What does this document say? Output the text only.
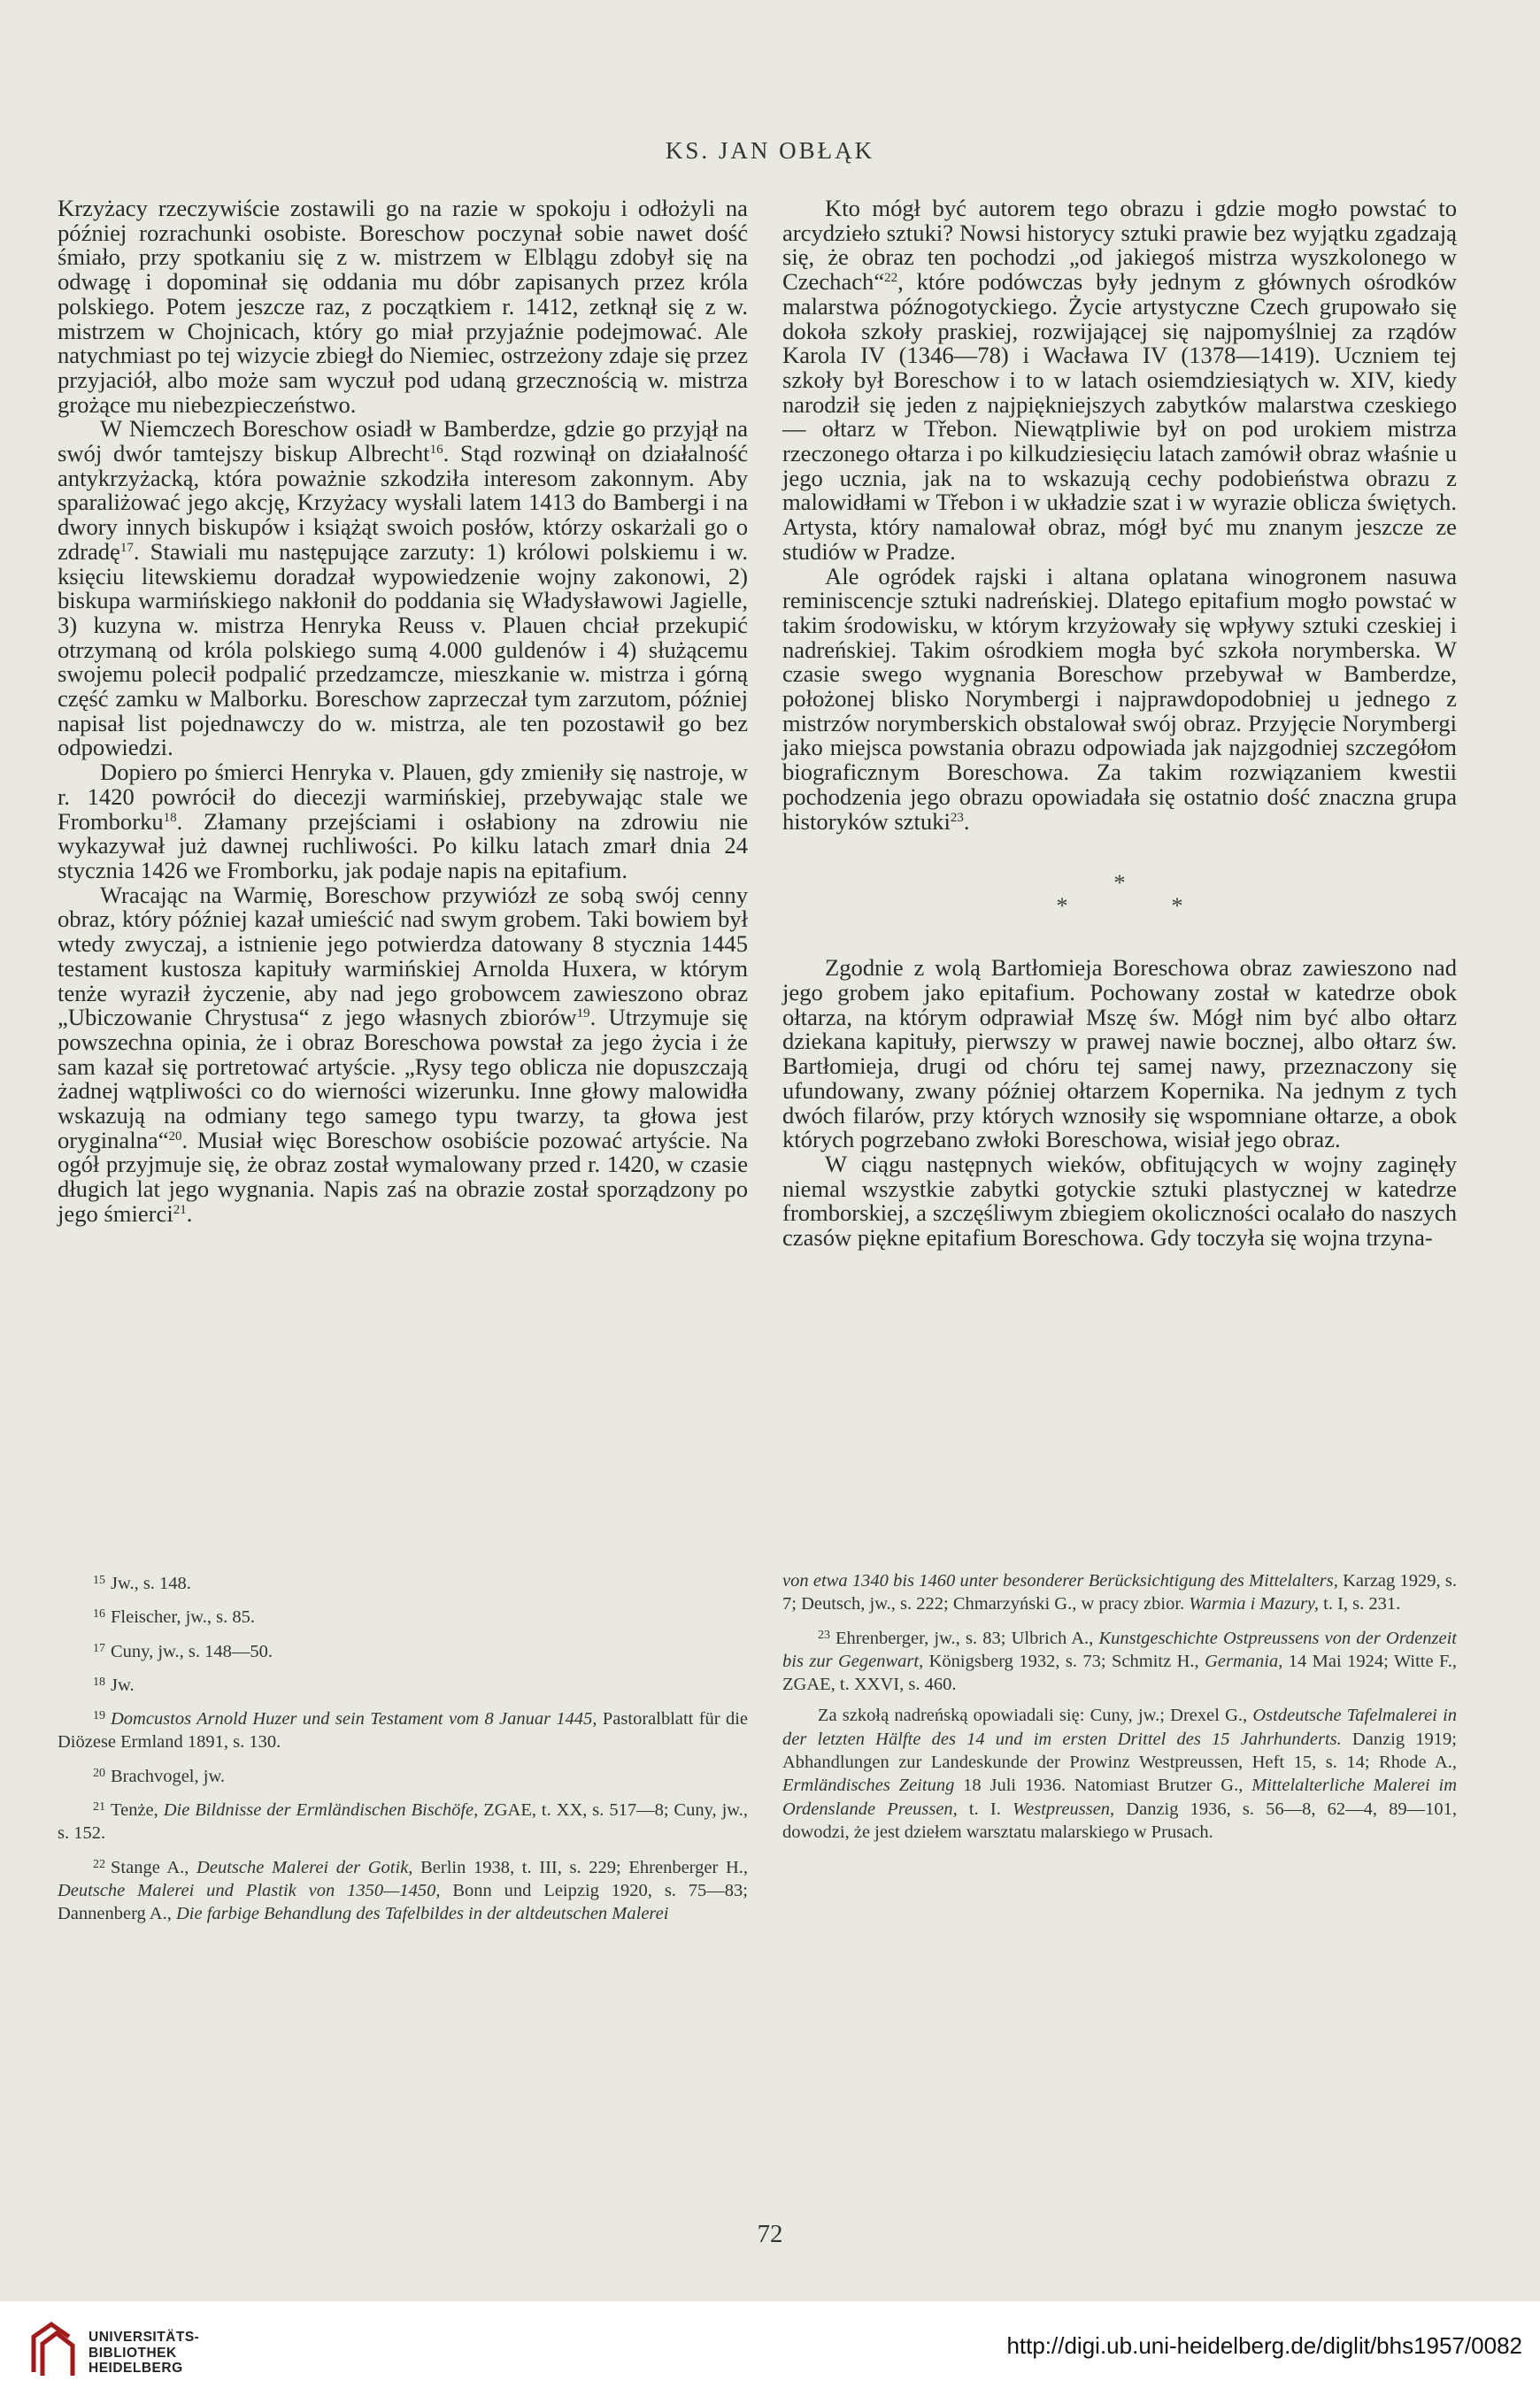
KS. JAN OBŁĄK

Krzyżacy rzeczywiście zostawili go na razie w spokoju i odłożyli na później rozrachunki osobiste. Boreschow poczynał sobie nawet dość śmiało, przy spotkaniu się z w. mistrzem w Elblągu zdobył się na odwagę i dopominał się oddania mu dóbr zapisanych przez króla polskiego. Potem jeszcze raz, z początkiem r. 1412, zetknął się z w. mistrzem w Chojnicach, który go miał przyjaźnie podejmować. Ale natychmiast po tej wizycie zbiegł do Niemiec, ostrzeżony zdaje się przez przyjaciół, albo może sam wyczuł pod udaną grzecznością w. mistrza grożące mu niebezpieczeństwo.

W Niemczech Boreschow osiadł w Bamberdze, gdzie go przyjął na swój dwór tamtejszy biskup Albrecht$^{16}$. Stąd rozwinął on działalność antykrzyżacką, która poważnie szkodziła interesom zakonnym. Aby sparaliżować jego akcję, Krzyżacy wysłali latem 1413 do Bambergi i na dwory innych biskupów i książąt swoich posłów, którzy oskarżali go o zdradę$^{17}$. Stawiali mu następujące zarzuty: 1) królowi polskiemu i w. księciu litewskiemu doradzał wypowiedzenie wojny zakonowi, 2) biskupa warmińskiego nakłonił do poddania się Władysławowi Jagielle, 3) kuzyna w. mistrza Henryka Reuss v. Plauen chciał przekupić otrzymaną od króla polskiego sumą 4.000 guldenów i 4) służącemu swojemu polecił podpalić przedzamcze, mieszkanie w. mistrza i górną część zamku w Malborku. Boreschow zaprzeczał tym zarzutom, później napisał list pojednawczy do w. mistrza, ale ten pozostawił go bez odpowiedzi.

Dopiero po śmierci Henryka v. Plauen, gdy zmieniły się nastroje, w r. 1420 powrócił do diecezji warmińskiej, przebywając stale we Fromborku$^{18}$. Złamany przejściami i osłabiony na zdrowiu nie wykazywał już dawnej ruchliwości. Po kilku latach zmarł dnia 24 stycznia 1426 we Fromborku, jak podaje napis na epitafium.

Wracając na Warmię, Boreschow przywiózł ze sobą swój cenny obraz, który później kazał umieścić nad swym grobem. Taki bowiem był wtedy zwyczaj, a istnienie jego potwierdza datowany 8 stycznia 1445 testament kustosza kapituły warmińskiej Arnolda Huxera, w którym tenże wyraził życzenie, aby nad jego grobowcem zawieszono obraz „Ubiczowanie Chrystusa“ z jego własnych zbiorów$^{19}$. Utrzymuje się powszechna opinia, że i obraz Boreschowa powstał za jego życia i że sam kazał się portretować artyście. „Rysy tego oblicza nie dopuszczają żadnej wątpliwości co do wierności wizerunku. Inne głowy malowidła wskazują na odmiany tego samego typu twarzy, ta głowa jest oryginalna“$^{20}$. Musiał więc Boreschow osobiście pozować artyście. Na ogół przyjmuje się, że obraz został wymalowany przed r. 1420, w czasie długich lat jego wygnania. Napis zaś na obrazie został sporządzony po jego śmierci$^{21}$.

Kto mógł być autorem tego obrazu i gdzie mogło powstać to arcydzieło sztuki? Nowsi historycy sztuki prawie bez wyjątku zgadzają się, że obraz ten pochodzi „od jakiegoś mistrza wyszkolonego w Czechach“$^{22}$, które podówczas były jednym z głównych ośrodków malarstwa późnogotyckiego. Życie artystyczne Czech grupowało się dokoła szkoły praskiej, rozwijającej się najpomyślniej za rządów Karola IV (1346—78) i Wacława IV (1378—1419). Uczniem tej szkoły był Boreschow i to w latach osiemdziesiątych w. XIV, kiedy narodził się jeden z najpiękniejszych zabytków malarstwa czeskiego — ołtarz w Třebon. Niewątpliwie był on pod urokiem mistrza rzeczonego ołtarza i po kilkudziesięciu latach zamówił obraz właśnie u jego ucznia, jak na to wskazują cechy podobieństwa obrazu z malowidłami w Třebon i w układzie szat i w wyrazie oblicza świętych. Artysta, który namalował obraz, mógł być mu znanym jeszcze ze studiów w Pradze.

Ale ogródek rajski i altana oplatana winogronem nasuwa reminiscencje sztuki nadreńskiej. Dlatego epitafium mogło powstać w takim środowisku, w którym krzyżowały się wpływy sztuki czeskiej i nadreńskiej. Takim ośrodkiem mogła być szkoła norymberska. W czasie swego wygnania Boreschow przebywał w Bamberdze, położonej blisko Norymbergi i najprawdopodobniej u jednego z mistrzów norymberskich obstalował swój obraz. Przyjęcie Norymbergi jako miejsca powstania obrazu odpowiada jak najzgodniej szczegółom biograficznym Boreschowa. Za takim rozwiązaniem kwestii pochodzenia jego obrazu opowiadała się ostatnio dość znaczna grupa historyków sztuki$^{23}$.

*
* *

Zgodnie z wolą Bartłomieja Boreschowa obraz zawieszono nad jego grobem jako epitafium. Pochowany został w katedrze obok ołtarza, na którym odprawiał Mszę św. Mógł nim być albo ołtarz dziekana kapituły, pierwszy w prawej nawie bocznej, albo ołtarz św. Bartłomieja, drugi od chóru tej samej nawy, przeznaczony się ufundowany, zwany później ołtarzem Kopernika. Na jednym z tych dwóch filarów, przy których wznosiły się wspomniane ołtarze, a obok których pogrzebano zwłoki Boreschowa, wisiał jego obraz.

W ciągu następnych wieków, obfitujących w wojny zaginęły niemal wszystkie zabytki gotyckie sztuki plastycznej w katedrze fromborskiej, a szczęśliwym zbiegiem okoliczności ocalało do naszych czasów piękne epitafium Boreschowa. Gdy toczyła się wojna trzyna-

$^{15}$ Jw., s. 148.

$^{16}$ Fleischer, jw., s. 85.

$^{17}$ Cuny, jw., s. 148—50.

$^{18}$ Jw.

$^{19}$ Domcustos Arnold Huzer und sein Testament vom 8 Januar 1445, Pastoralblatt für die Diözese Ermland 1891, s. 130.

$^{20}$ Brachvogel, jw.

$^{21}$ Tenże, Die Bildnisse der Ermländischen Bischöfe, ZGAE, t. XX, s. 517—8; Cuny, jw., s. 152.

$^{22}$ Stange A., Deutsche Malerei der Gotik, Berlin 1938, t. III, s. 229; Ehrenberger H., Deutsche Malerei und Plastik von 1350—1450, Bonn und Leipzig 1920, s. 75—83; Dannenberg A., Die farbige Behandlung des Tafelbildes in der altdeutschen Malerei

von etwa 1340 bis 1460 unter besonderer Berücksichtigung des Mittelalters, Karzag 1929, s. 7; Deutsch, jw., s. 222; Chmarzyński G., w pracy zbior. Warmia i Mazury, t. I, s. 231.

$^{23}$ Ehrenberger, jw., s. 83; Ulbrich A., Kunstgeschichte Ostpreussens von der Ordenzeit bis zur Gegenwart, Königsberg 1932, s. 73; Schmitz H., Germania, 14 Mai 1924; Witte F., ZGAE, t. XXVI, s. 460.

Za szkołą nadreńską opowiadali się: Cuny, jw.; Drexel G., Ostdeutsche Tafelmalerei in der letzten Hälfte des 14 und im ersten Drittel des 15 Jahrhunderts. Danzig 1919; Abhandlungen zur Landeskunde der Prowinz Westpreussen, Heft 15, s. 14; Rhode A., Ermländisches Zeitung 18 Juli 1936. Natomiast Brutzer G., Mittelalterliche Malerei im Ordenslande Preussen, t. I. Westpreussen, Danzig 1936, s. 56—8, 62—4, 89—101, dowodzi, że jest dziełem warsztatu malarskiego w Prusach.

72
UNIVERSITÄTS-
BIBLIOTHEK
HEIDELBERG
http://digi.ub.uni-heidelberg.de/diglit/bhs1957/0082
